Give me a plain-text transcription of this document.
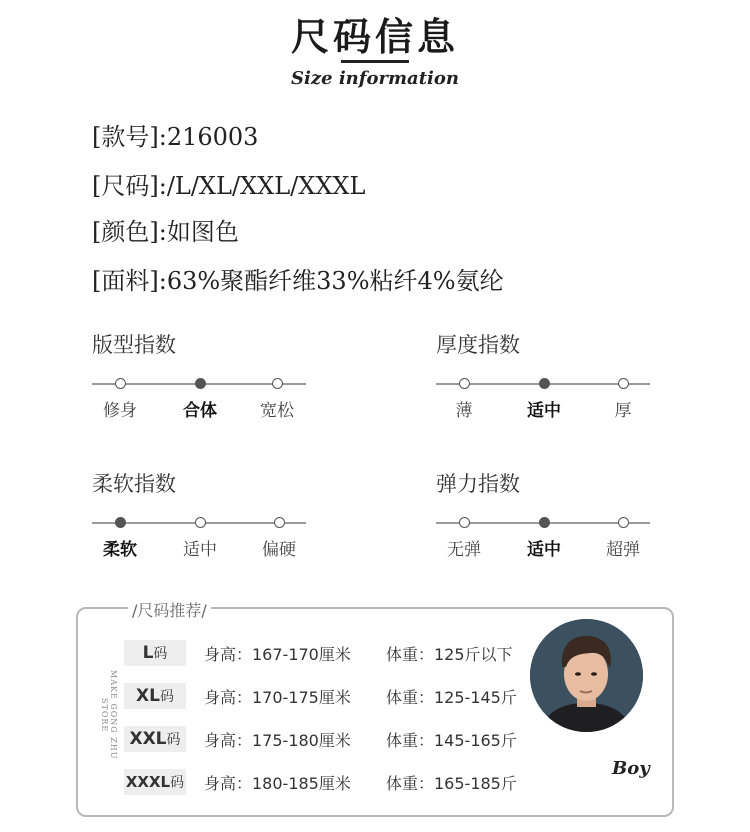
尺码信息
Size information
[款号]:216003
[尺码]:/L/XL/XXL/XXXL
[颜色]:如图色
[面料]:63%聚酯纤维33%粘纤4%氨纶
版型指数
修身	合体	宽松
厚度指数
薄	适中	厚
柔软指数
柔软	适中	偏硬
弹力指数
无弹	适中	超弹
/尺码推荐/
MAKE GONG ZHU STORE
L码	身高：167-170厘米 体重：125斤以下
XL码	身高：170-175厘米 体重：125-145斤
XXL码	身高：175-180厘米 体重：145-165斤
XXXL码 身高：180-185厘米 体重：165-185斤
Boy
